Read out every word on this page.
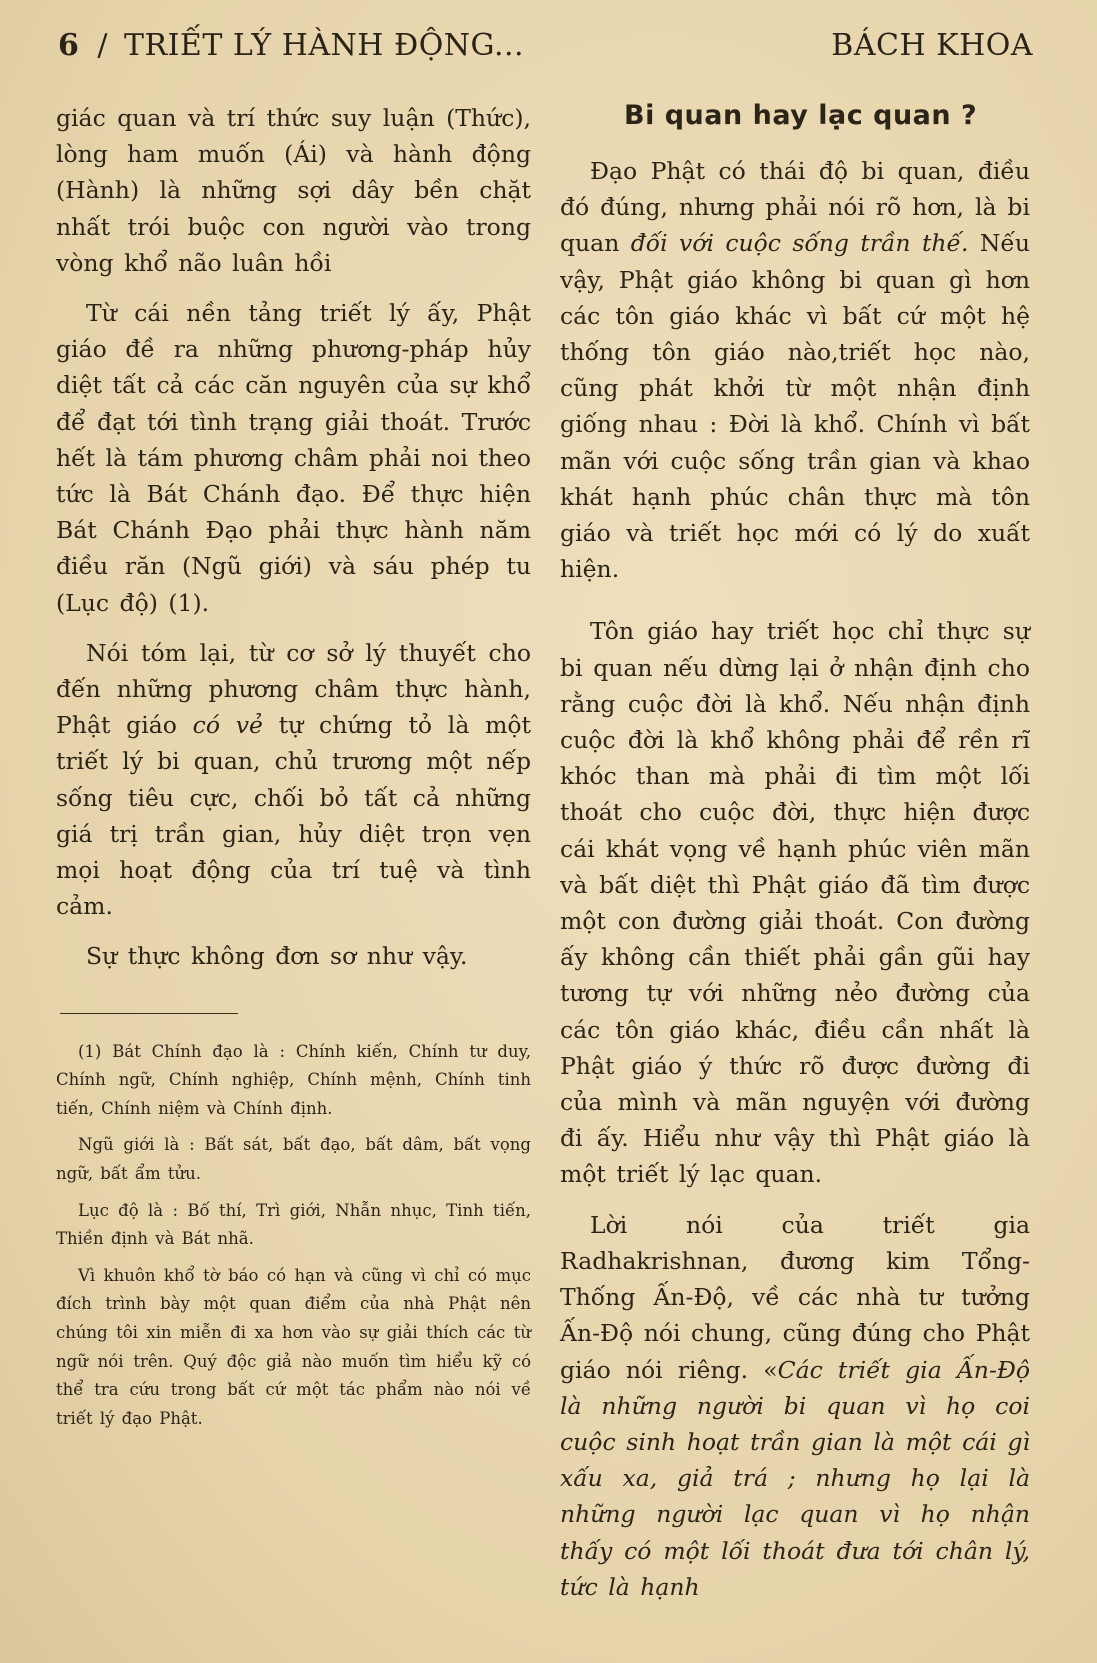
6 / TRIẾT LÝ HÀNH ĐỘNG...	BÁCH KHOA

giác quan và trí thức suy luận (Thức), lòng ham muốn (Ái) và hành động (Hành) là những sợi dây bền chặt nhất trói buộc con người vào trong vòng khổ não luân hồi

Từ cái nền tảng triết lý ấy, Phật giáo đề ra những phương-pháp hủy diệt tất cả các căn nguyên của sự khổ để đạt tới tình trạng giải thoát. Trước hết là tám phương châm phải noi theo tức là Bát Chánh đạo. Để thực hiện Bát Chánh Đạo phải thực hành năm điều răn (Ngũ giới) và sáu phép tu (Lục độ) (1).

Nói tóm lại, từ cơ sở lý thuyết cho đến những phương châm thực hành, Phật giáo có vẻ tự chứng tỏ là một triết lý bi quan, chủ trương một nếp sống tiêu cực, chối bỏ tất cả những giá trị trần gian, hủy diệt trọn vẹn mọi hoạt động của trí tuệ và tình cảm.

Sự thực không đơn sơ như vậy.

(1) Bát Chính đạo là : Chính kiến, Chính tư duy, Chính ngữ, Chính nghiệp, Chính mệnh, Chính tinh tiến, Chính niệm và Chính định.

Ngũ giới là : Bất sát, bất đạo, bất dâm, bất vọng ngữ, bất ẩm tửu.

Lục độ là : Bố thí, Trì giới, Nhẫn nhục, Tinh tiến, Thiền định và Bát nhã.

Vì khuôn khổ tờ báo có hạn và cũng vì chỉ có mục đích trình bày một quan điểm của nhà Phật nên chúng tôi xin miễn đi xa hơn vào sự giải thích các từ ngữ nói trên. Quý độc giả nào muốn tìm hiểu kỹ có thể tra cứu trong bất cứ một tác phẩm nào nói về triết lý đạo Phật.

Bi quan hay lạc quan ?

Đạo Phật có thái độ bi quan, điều đó đúng, nhưng phải nói rõ hơn, là bi quan đối với cuộc sống trần thế. Nếu vậy, Phật giáo không bi quan gì hơn các tôn giáo khác vì bất cứ một hệ thống tôn giáo nào,triết học nào, cũng phát khởi từ một nhận định giống nhau : Đời là khổ. Chính vì bất mãn với cuộc sống trần gian và khao khát hạnh phúc chân thực mà tôn giáo và triết học mới có lý do xuất hiện.

Tôn giáo hay triết học chỉ thực sự bi quan nếu dừng lại ở nhận định cho rằng cuộc đời là khổ. Nếu nhận định cuộc đời là khổ không phải để rền rĩ khóc than mà phải đi tìm một lối thoát cho cuộc đời, thực hiện được cái khát vọng về hạnh phúc viên mãn và bất diệt thì Phật giáo đã tìm được một con đường giải thoát. Con đường ấy không cần thiết phải gần gũi hay tương tự với những nẻo đường của các tôn giáo khác, điều cần nhất là Phật giáo ý thức rõ được đường đi của mình và mãn nguyện với đường đi ấy. Hiểu như vậy thì Phật giáo là một triết lý lạc quan.

Lời nói của triết gia Radhakrishnan, đương kim Tổng-Thống Ấn-Độ, về các nhà tư tưởng Ấn-Độ nói chung, cũng đúng cho Phật giáo nói riêng. «Các triết gia Ấn-Độ là những người bi quan vì họ coi cuộc sinh hoạt trần gian là một cái gì xấu xa, giả trá ; nhưng họ lại là những người lạc quan vì họ nhận thấy có một lối thoát đưa tới chân lý, tức là hạnh
